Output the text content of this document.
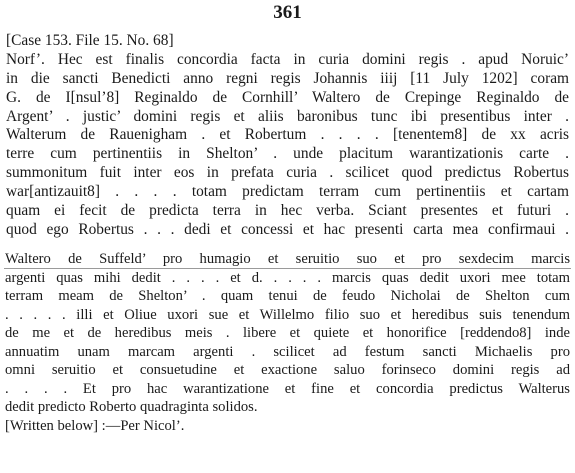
361
[Case 153. File 15. No. 68]
Norf’. Hec est finalis concordia facta in curia domini regis . apud Noruic’
in die sancti Benedicti anno regni regis Johannis iiij [11 July 1202] coram
G. de I[nsul’8] Reginaldo de Cornhill’ Waltero de Crepinge Reginaldo de
Argent’ . justic’ domini regis et aliis baronibus tunc ibi presentibus inter .
Walterum de Rauenigham . et Robertum . . . . [tenentem8] de xx acris
terre cum pertinentiis in Shelton’ . unde placitum warantizationis carte .
summonitum fuit inter eos in prefata curia . scilicet quod predictus Robertus
war[antizauit8] . . . . totam predictam terram cum pertinentiis et cartam
quam ei fecit de predicta terra in hec verba. Sciant presentes et futuri .
quod ego Robertus . . . dedi et concessi et hac presenti carta mea confirmaui .
Waltero de Suffeld’ pro humagio et seruitio suo et pro sexdecim marcis
argenti quas mihi dedit . . . . et d. . . . . marcis quas dedit uxori mee totam
terram meam de Shelton’ . quam tenui de feudo Nicholai de Shelton cum
. . . . . illi et Oliue uxori sue et Willelmo filio suo et heredibus suis tenendum
de me et de heredibus meis . libere et quiete et honorifice [reddendo8] inde
annuatim unam marcam argenti . scilicet ad festum sancti Michaelis pro
omni seruitio et consuetudine et exactione saluo forinseco domini regis ad
. . . . Et pro hac warantizatione et fine et concordia predictus Walterus
dedit predicto Roberto quadraginta solidos.
[Written below] :—Per Nicol’.
